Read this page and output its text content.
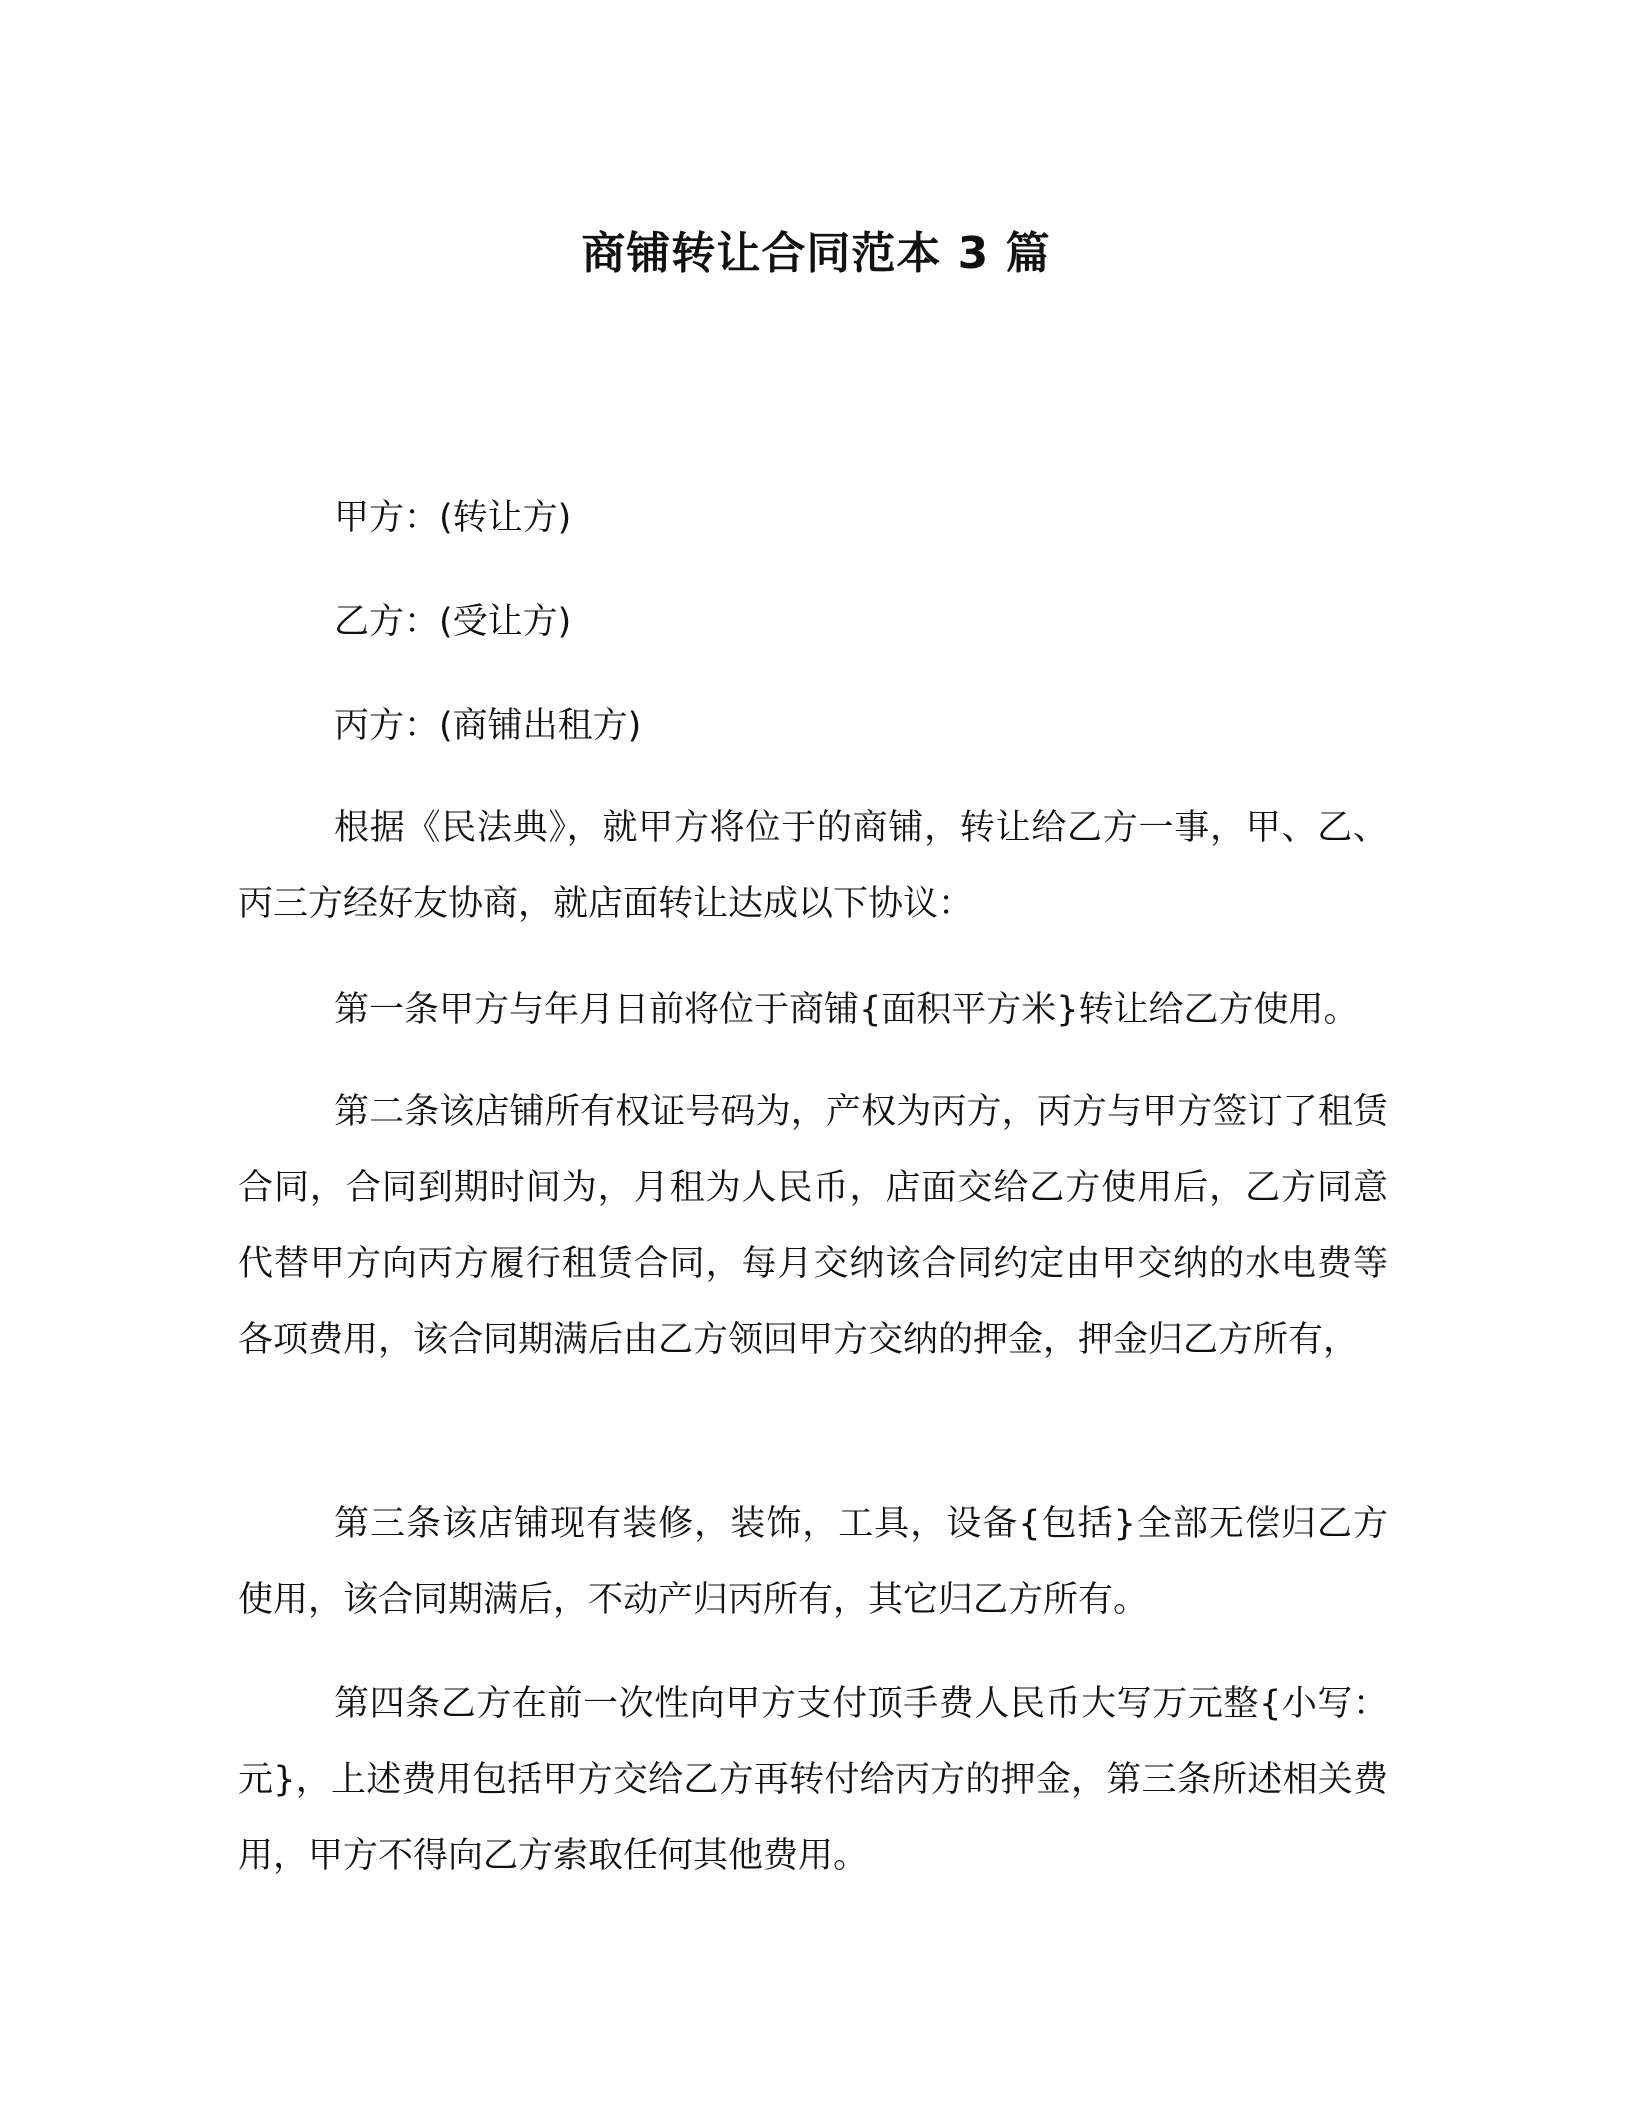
商铺转让合同范本 3 篇
甲方：(转让方)
乙方：(受让方)
丙方：(商铺出租方)

根据《民法典》，就甲方将位于的商铺，转让给乙方一事，甲、乙、丙三方经好友协商，就店面转让达成以下协议：

第一条甲方与年月日前将位于商铺{面积平方米}转让给乙方使用。

第二条该店铺所有权证号码为，产权为丙方，丙方与甲方签订了租赁合同，合同到期时间为，月租为人民币，店面交给乙方使用后，乙方同意代替甲方向丙方履行租赁合同，每月交纳该合同约定由甲交纳的水电费等各项费用，该合同期满后由乙方领回甲方交纳的押金，押金归乙方所有，

第三条该店铺现有装修，装饰，工具，设备{包括}全部无偿归乙方使用，该合同期满后，不动产归丙所有，其它归乙方所有。

第四条乙方在前一次性向甲方支付顶手费人民币大写万元整{小写：元}，上述费用包括甲方交给乙方再转付给丙方的押金，第三条所述相关费用，甲方不得向乙方索取任何其他费用。
